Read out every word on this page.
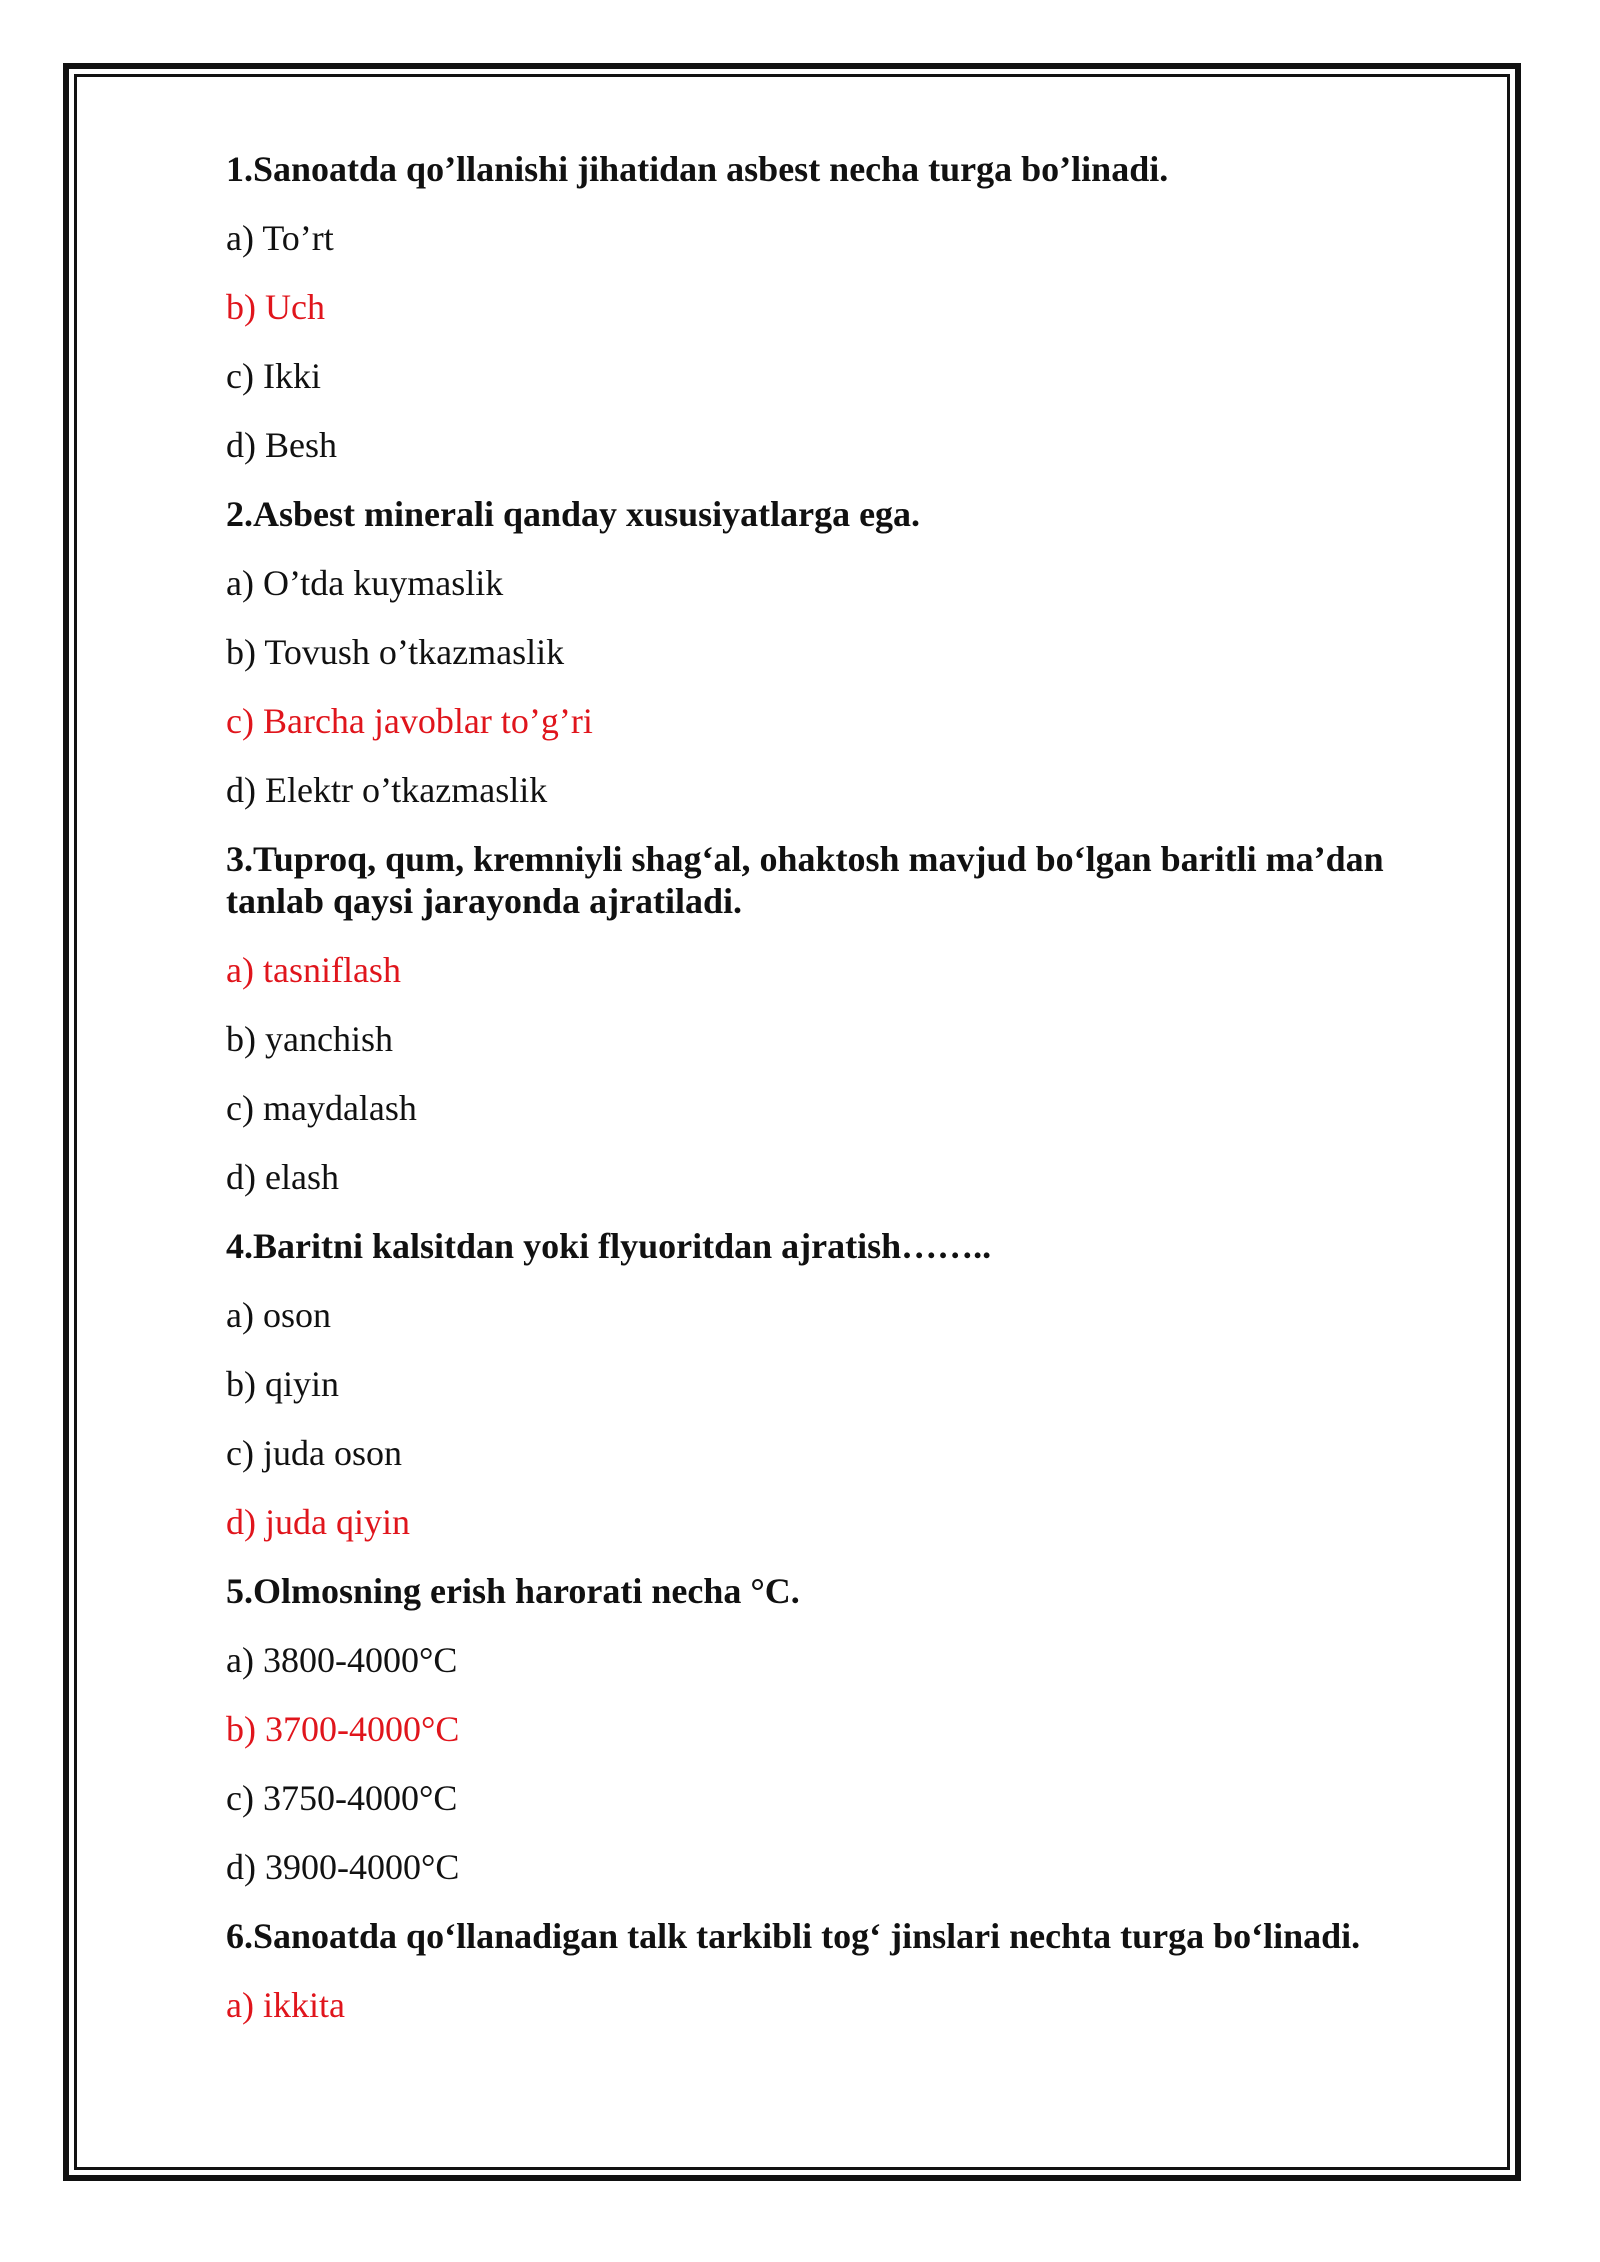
1.Sanoatda qo’llanishi jihatidan asbest necha turga bo’linadi.

a) To’rt

b) Uch

c) Ikki

d) Besh

2.Asbest minerali qanday xususiyatlarga ega.

a) O’tda kuymaslik

b) Tovush o’tkazmaslik

c) Barcha javoblar to’g’ri

d) Elektr o’tkazmaslik

3.Tuproq, qum, kremniyli shag‘al, ohaktosh mavjud bo‘lgan baritli ma’dan tanlab qaysi jarayonda ajratiladi.

a) tasniflash

b) yanchish

c) maydalash

d) elash

4.Baritni kalsitdan yoki flyuoritdan ajratish……..

a) oson

b) qiyin

c) juda oson

d) juda qiyin

5.Olmosning erish harorati necha °C.

a) 3800-4000°C

b) 3700-4000°C

c) 3750-4000°C

d) 3900-4000°C

6.Sanoatda qo‘llanadigan talk tarkibli tog‘ jinslari nechta turga bo‘linadi.

a) ikkita
